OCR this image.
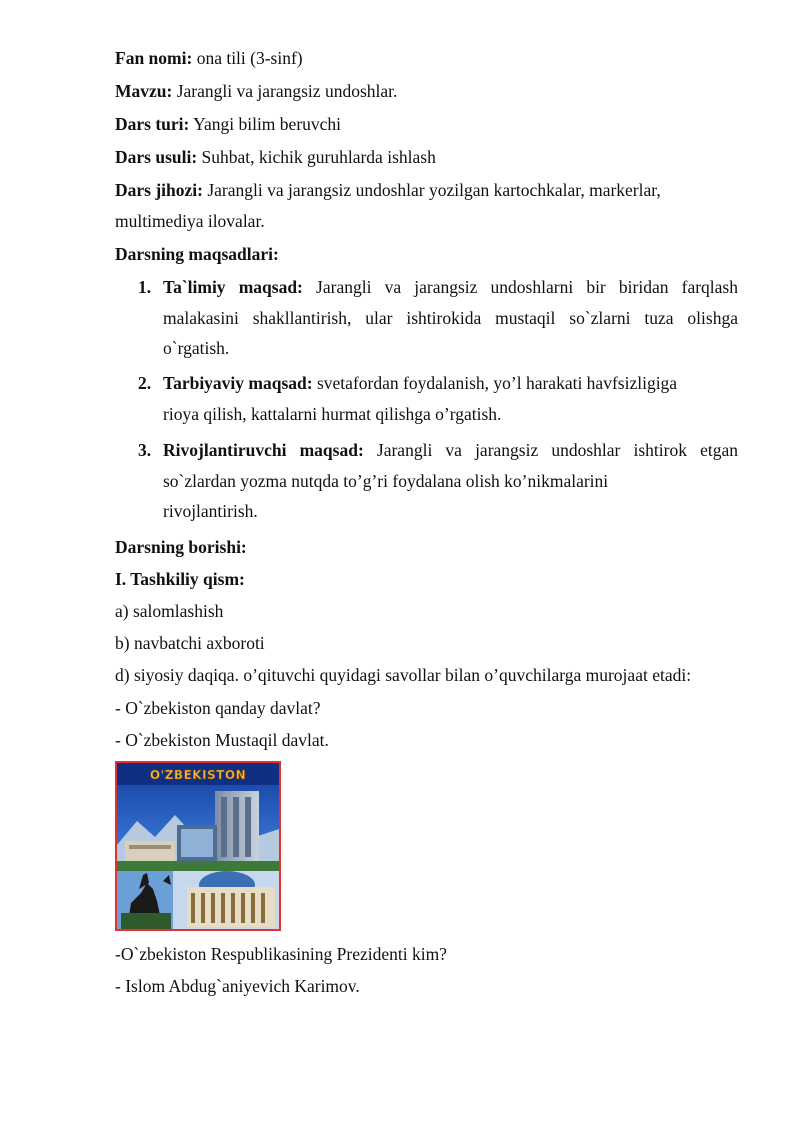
Fan nomi: ona tili (3-sinf)
Mavzu: Jarangli va jarangsiz undoshlar.
Dars turi: Yangi bilim beruvchi
Dars usuli: Suhbat, kichik guruhlarda ishlash
Dars jihozi: Jarangli va jarangsiz undoshlar yozilgan kartochkalar, markerlar,
multimediya ilovalar.
Darsning maqsadlari:
1. Ta`limiy maqsad: Jarangli va jarangsiz undoshlarni bir biridan farqlash
malakasini shakllantirish, ular ishtirokida mustaqil so`zlarni tuza olishga
o`rgatish.
2. Tarbiyaviy maqsad: svetafordan foydalanish, yo’l harakati havfsizligiga
rioya qilish, kattalarni hurmat qilishga o’rgatish.
3. Rivojlantiruvchi maqsad: Jarangli va jarangsiz undoshlar ishtirok etgan
so`zlardan yozma nutqda to’g’ri foydalana olish ko’nikmalarini
rivojlantirish.
Darsning borishi:
I. Tashkiliy qism:
a) salomlashish
b) navbatchi axboroti
d) siyosiy daqiqa. o’qituvchi quyidagi savollar bilan o’quvchilarga murojaat etadi:
- O`zbekiston qanday davlat?
- O`zbekiston Mustaqil davlat.
O'ZBEKISTON
-O`zbekiston Respublikasining Prezidenti kim?
- Islom Abdug`aniyevich Karimov.
